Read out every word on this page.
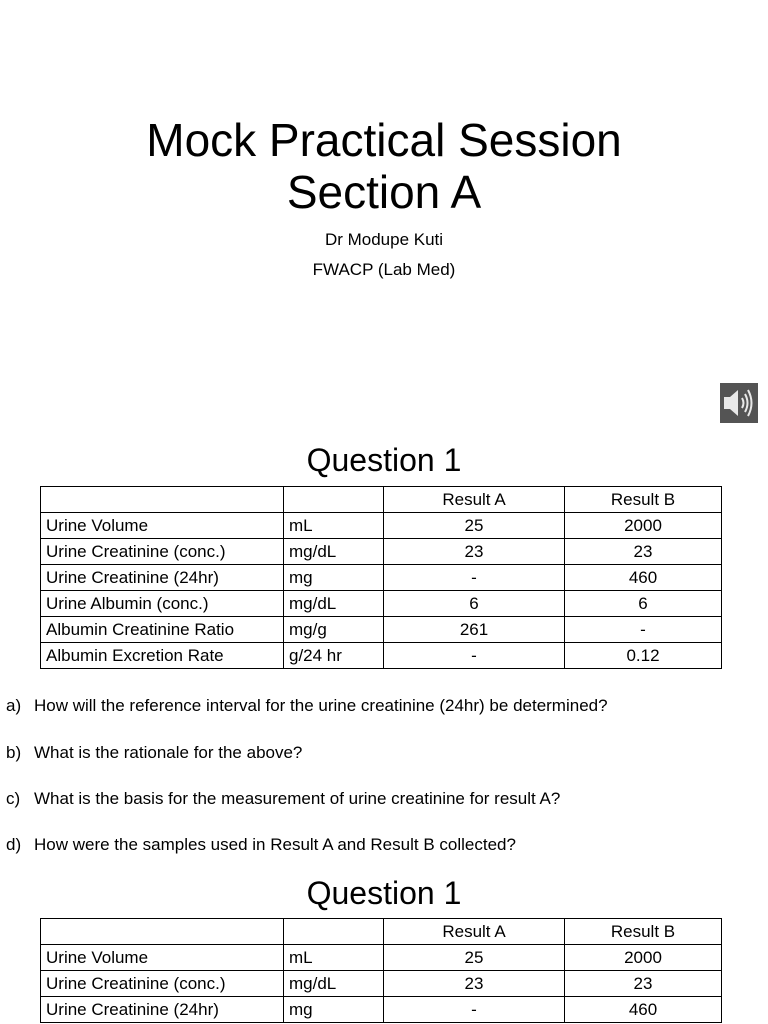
Mock Practical Session
Section A
Dr Modupe Kuti
FWACP (Lab Med)
Question 1
		Result A	Result B
Urine Volume	mL	25	2000
Urine Creatinine (conc.)	mg/dL	23	23
Urine Creatinine (24hr)	mg	-	460
Urine Albumin (conc.)	mg/dL	6	6
Albumin Creatinine Ratio	mg/g	261	-
Albumin Excretion Rate	g/24 hr	-	0.12
a) How will the reference interval for the urine creatinine (24hr) be determined?
b) What is the rationale for the above?
c) What is the basis for the measurement of urine creatinine for result A?
d) How were the samples used in Result A and Result B collected?
Question 1
		Result A	Result B
Urine Volume	mL	25	2000
Urine Creatinine (conc.)	mg/dL	23	23
Urine Creatinine (24hr)	mg	-	460
